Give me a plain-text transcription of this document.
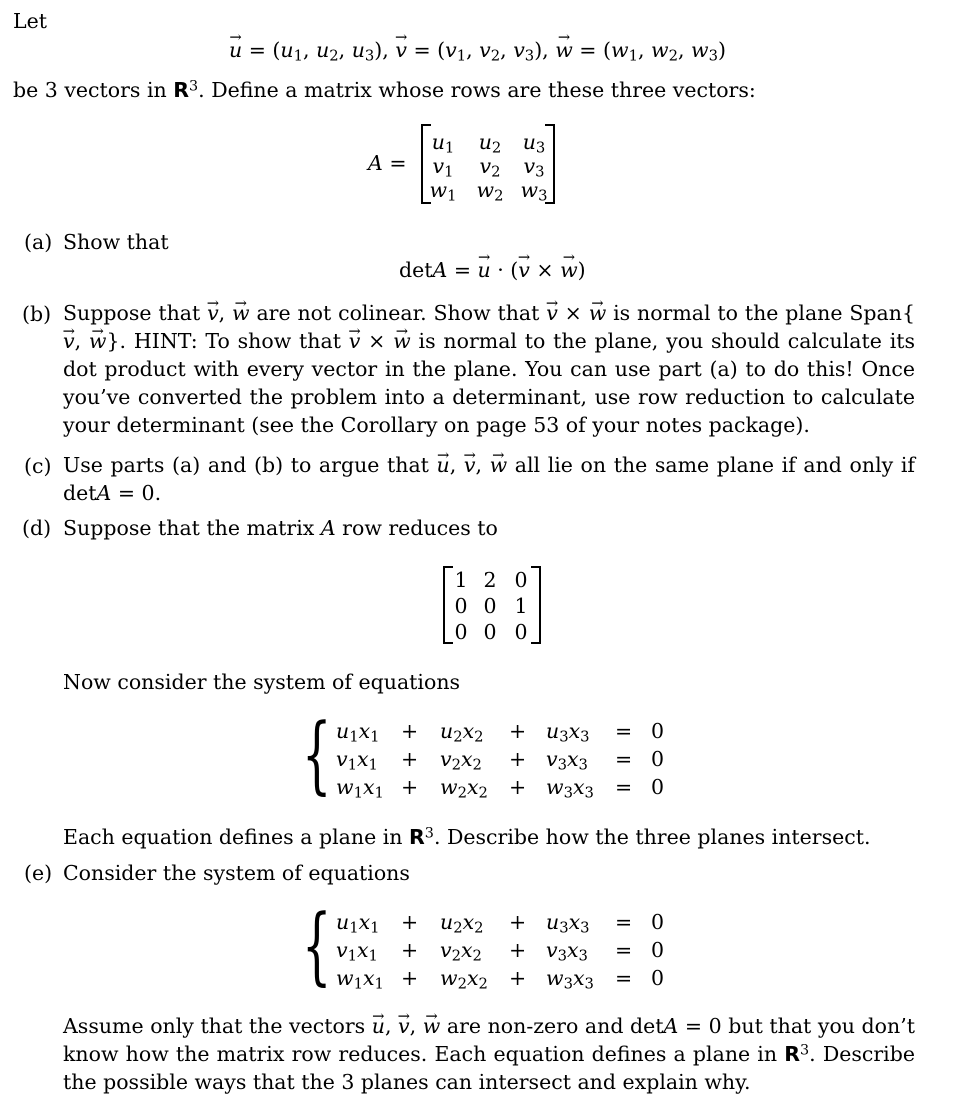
Let
→ $u = (u_1$, $u_2$, $u_3$), → $v = (v_1$, $v_2$, $v_3$), → $w = (w_1$, $w_2$, $w_3$)
be 3 vectors in $R^3$. Define a matrix whose rows are these three vectors:
A =
$u_1$ $u_2$ $u_3$
$v_1$ $v_2$ $v_3$
$w_1$ $w_2$ $w_3$
(a) Show that
detA = → u · (→ v × → w)
(b) Suppose that → v, → w are not colinear. Show that → v × → w is normal to the plane Span{→ v, → w}. HINT: To show that → v × → w is normal to the plane, you should calculate its dot product with every vector in the plane. You can use part (a) to do this! Once you’ve converted the problem into a determinant, use row reduction to calculate your determinant (see the Corollary on page 53 of your notes package).
(c) Use parts (a) and (b) to argue that → u, → v, → w all lie on the same plane if and only if detA = 0.
(d) Suppose that the matrix A row reduces to
1 2 0
0 0 1
0 0 0
Now consider the system of equations
{ $u_1x_1 + u_2x_2 + u_3x_3 = 0$
$v_1x_1 + v_2x_2 + v_3x_3 = 0$
$w_1x_1 + w_2x_2 + w_3x_3 = 0$
Each equation defines a plane in $R^3$. Describe how the three planes intersect.
(e) Consider the system of equations
{ $u_1x_1 + u_2x_2 + u_3x_3 = 0$
$v_1x_1 + v_2x_2 + v_3x_3 = 0$
$w_1x_1 + w_2x_2 + w_3x_3 = 0$
Assume only that the vectors → u, → v, → w are non-zero and detA = 0 but that you don’t know how the matrix row reduces. Each equation defines a plane in $R^3$. Describe the possible ways that the 3 planes can intersect and explain why.
